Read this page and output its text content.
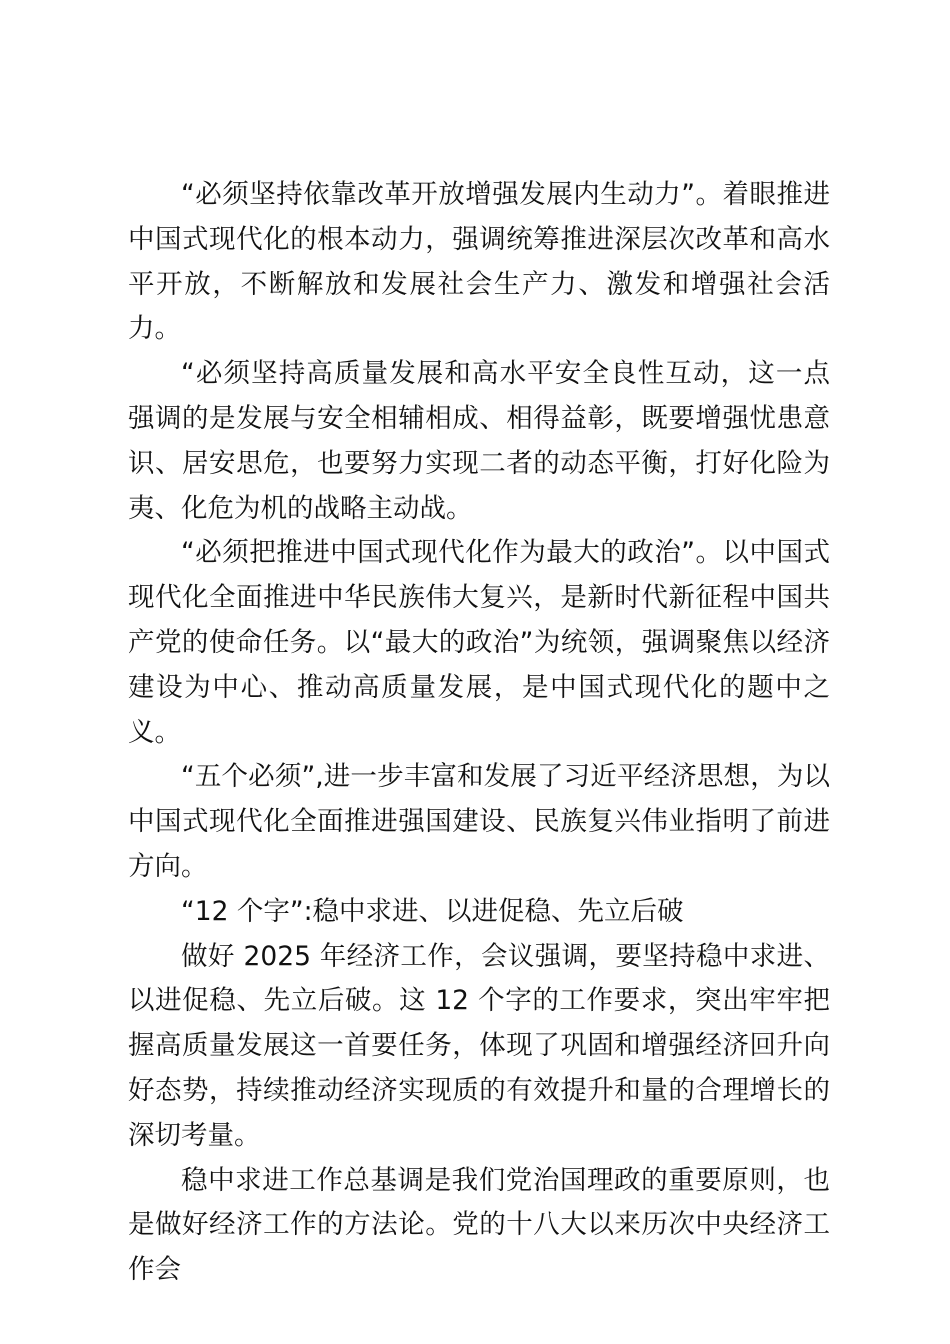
“必须坚持依靠改革开放增强发展内生动力”。着眼推进中国式现代化的根本动力，强调统筹推进深层次改革和高水平开放，不断解放和发展社会生产力、激发和增强社会活力。

“必须坚持高质量发展和高水平安全良性互动，这一点强调的是发展与安全相辅相成、相得益彰，既要增强忧患意识、居安思危，也要努力实现二者的动态平衡，打好化险为夷、化危为机的战略主动战。

“必须把推进中国式现代化作为最大的政治”。以中国式现代化全面推进中华民族伟大复兴，是新时代新征程中国共产党的使命任务。以“最大的政治”为统领，强调聚焦以经济建设为中心、推动高质量发展，是中国式现代化的题中之义。

“五个必须”,进一步丰富和发展了习近平经济思想，为以中国式现代化全面推进强国建设、民族复兴伟业指明了前进方向。

“12 个字”:稳中求进、以进促稳、先立后破

做好 2025 年经济工作，会议强调，要坚持稳中求进、以进促稳、先立后破。这 12 个字的工作要求，突出牢牢把握高质量发展这一首要任务，体现了巩固和增强经济回升向好态势，持续推动经济实现质的有效提升和量的合理增长的深切考量。

稳中求进工作总基调是我们党治国理政的重要原则，也是做好经济工作的方法论。党的十八大以来历次中央经济工作会
